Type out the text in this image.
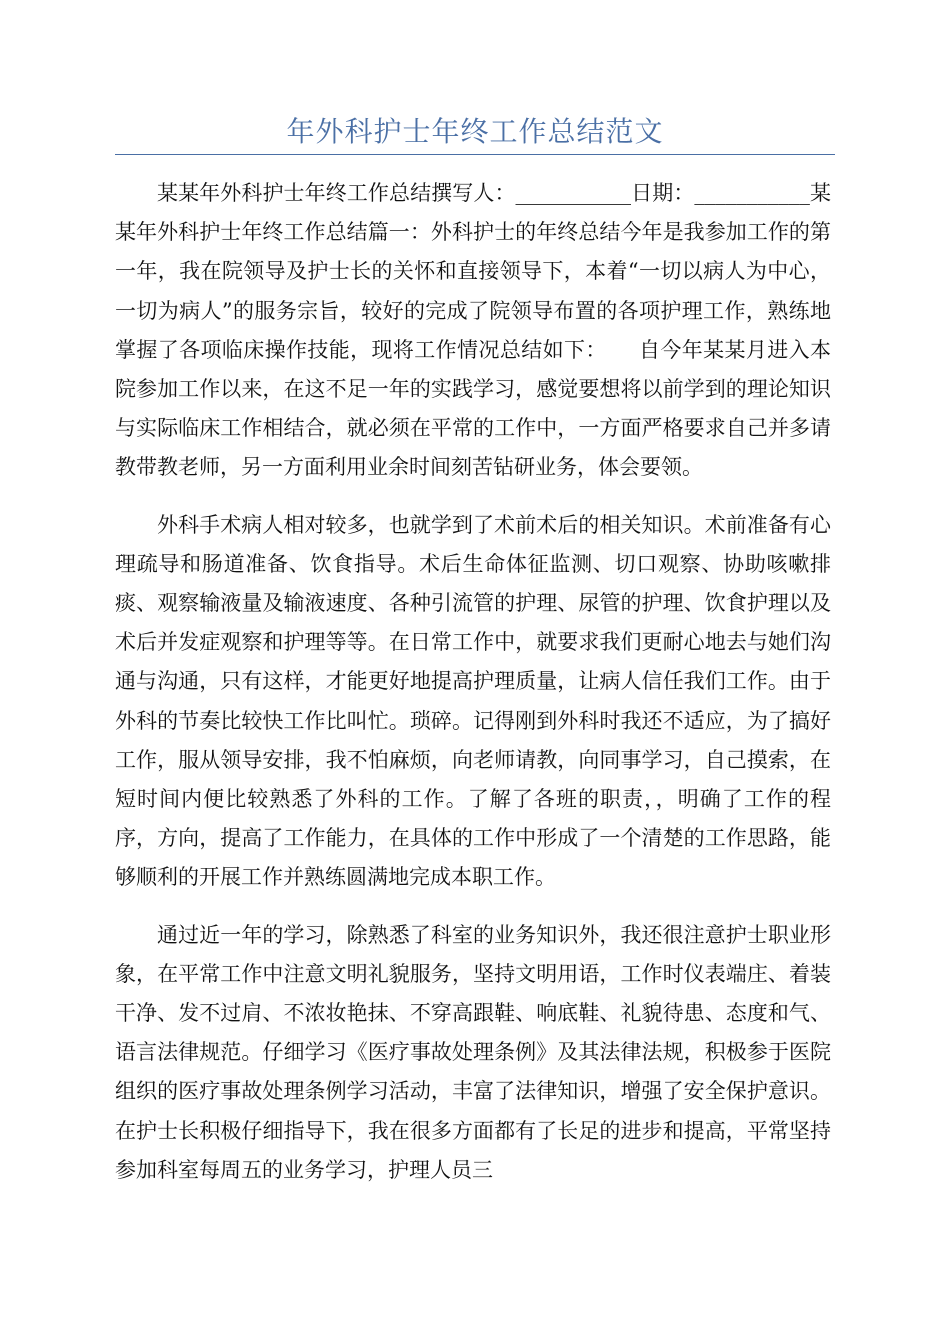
年外科护士年终工作总结范文

某某年外科护士年终工作总结撰写人：___________日期：___________某某年外科护士年终工作总结篇一：外科护士的年终总结今年是我参加工作的第一年，我在院领导及护士长的关怀和直接领导下，本着“一切以病人为中心，一切为病人”的服务宗旨，较好的完成了院领导布置的各项护理工作，熟练地掌握了各项临床操作技能，现将工作情况总结如下：　　自今年某某月进入本院参加工作以来，在这不足一年的实践学习，感觉要想将以前学到的理论知识与实际临床工作相结合，就必须在平常的工作中，一方面严格要求自己并多请教带教老师，另一方面利用业余时间刻苦钻研业务，体会要领。

外科手术病人相对较多，也就学到了术前术后的相关知识。术前准备有心理疏导和肠道准备、饮食指导。术后生命体征监测、切口观察、协助咳嗽排痰、观察输液量及输液速度、各种引流管的护理、尿管的护理、饮食护理以及术后并发症观察和护理等等。在日常工作中，就要求我们更耐心地去与她们沟通与沟通，只有这样，才能更好地提高护理质量，让病人信任我们工作。由于外科的节奏比较快工作比叫忙。琐碎。记得刚到外科时我还不适应，为了搞好工作，服从领导安排，我不怕麻烦，向老师请教，向同事学习，自己摸索，在短时间内便比较熟悉了外科的工作。了解了各班的职责，，明确了工作的程序，方向，提高了工作能力，在具体的工作中形成了一个清楚的工作思路，能够顺利的开展工作并熟练圆满地完成本职工作。

通过近一年的学习，除熟悉了科室的业务知识外，我还很注意护士职业形象，在平常工作中注意文明礼貌服务，坚持文明用语，工作时仪表端庄、着装干净、发不过肩、不浓妆艳抹、不穿高跟鞋、响底鞋、礼貌待患、态度和气、语言法律规范。仔细学习《医疗事故处理条例》及其法律法规，积极参于医院组织的医疗事故处理条例学习活动，丰富了法律知识，增强了安全保护意识。在护士长积极仔细指导下，我在很多方面都有了长足的进步和提高，平常坚持参加科室每周五的业务学习，护理人员三
